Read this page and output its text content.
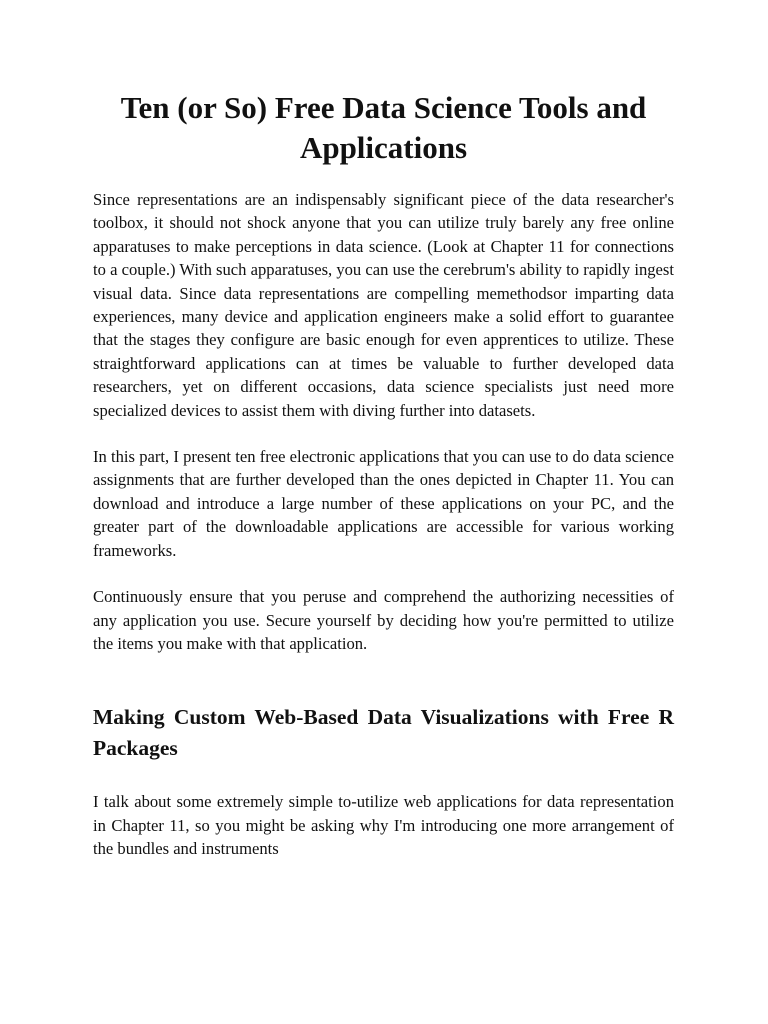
Ten (or So) Free Data Science Tools and Applications

Since representations are an indispensably significant piece of the data researcher's toolbox, it should not shock anyone that you can utilize truly barely any free online apparatuses to make perceptions in data science. (Look at Chapter 11 for connections to a couple.) With such apparatuses, you can use the cerebrum's ability to rapidly ingest visual data. Since data representations are compelling memethodsor imparting data experiences, many device and application engineers make a solid effort to guarantee that the stages they configure are basic enough for even apprentices to utilize. These straightforward applications can at times be valuable to further developed data researchers, yet on different occasions, data science specialists just need more specialized devices to assist them with diving further into datasets.

In this part, I present ten free electronic applications that you can use to do data science assignments that are further developed than the ones depicted in Chapter 11. You can download and introduce a large number of these applications on your PC, and the greater part of the downloadable applications are accessible for various working frameworks.

Continuously ensure that you peruse and comprehend the authorizing necessities of any application you use. Secure yourself by deciding how you're permitted to utilize the items you make with that application.

Making Custom Web-Based Data Visualizations with Free R Packages

I talk about some extremely simple to-utilize web applications for data representation in Chapter 11, so you might be asking why I'm introducing one more arrangement of the bundles and instruments
